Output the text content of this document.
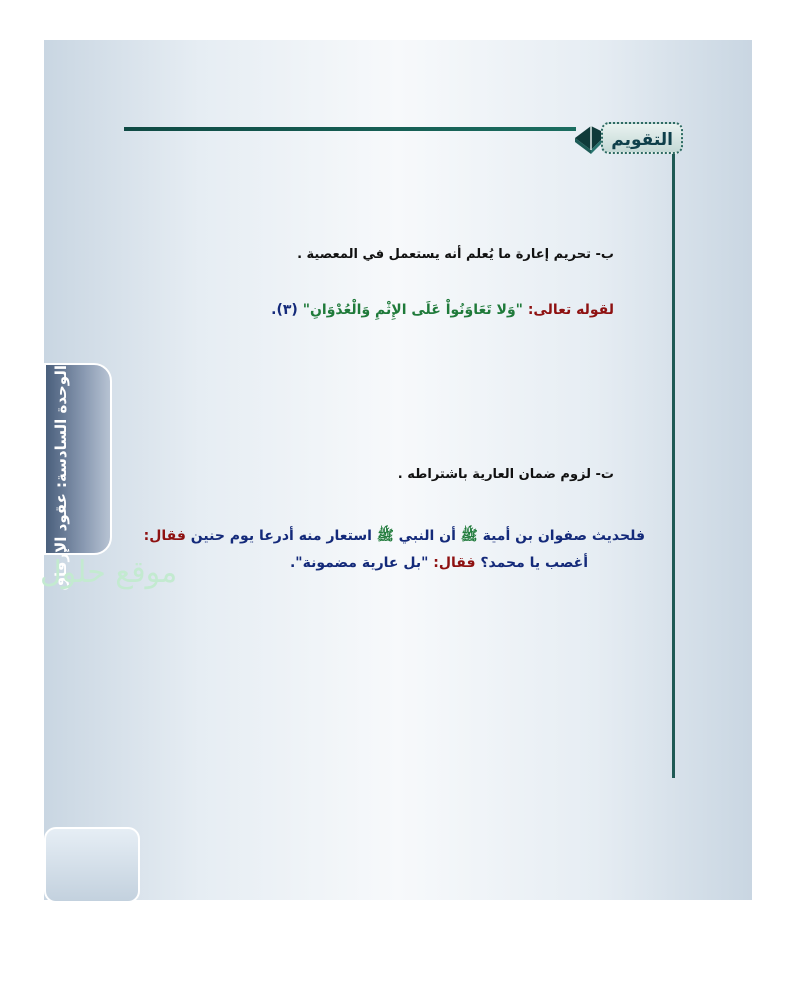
التقويم
الوحدة السادسة: عقود الإرفاق
ب- تحريم إعارة ما يُعلم أنه يستعمل في المعصية .
لقوله تعالى: "وَلا تَعَاوَنُواْ عَلَى الإِثْمِ وَالْعُدْوَانِ" (٣).
ت- لزوم ضمان العارية باشتراطه .
فلحديث صفوان بن أمية ﷺ أن النبي ﷺ استعار منه أدرعا يوم حنين فقال:
أغصب يا محمد؟ فقال: "بل عارية مضمونة".
موقع حلول
